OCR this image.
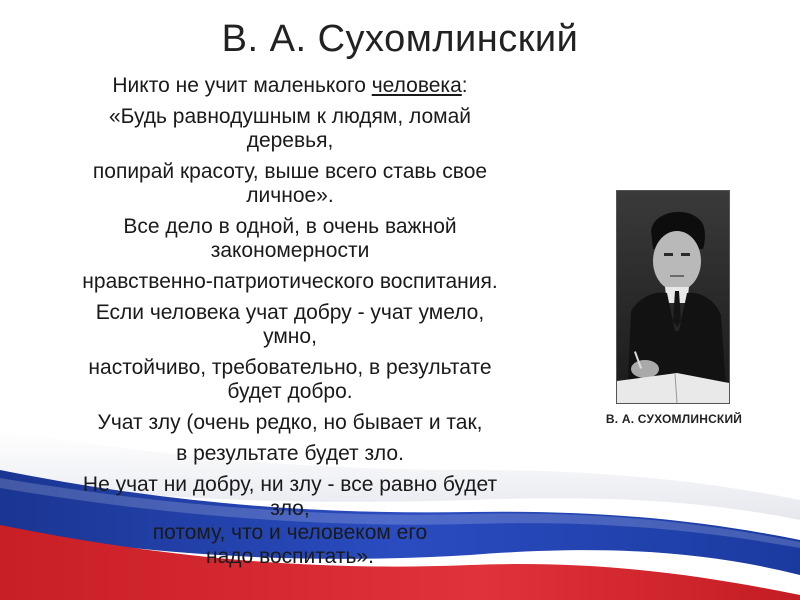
В. А. Сухомлинский
Никто не учит маленького человека:
«Будь равнодушным к людям, ломай
деревья,
попирай красоту, выше всего ставь свое
личное».
Все дело в одной, в очень важной
закономерности
нравственно-патриотического воспитания.
Если человека учат добру - учат умело,
умно,
настойчиво, требовательно, в результате
будет добро.
Учат злу (очень редко, но бывает и так,
в результате будет зло.
Не учат ни добру, ни злу - все равно будет
зло,
потому, что и человеком его
надо воспитать».
В. А. СУХОМЛИНСКИЙ
